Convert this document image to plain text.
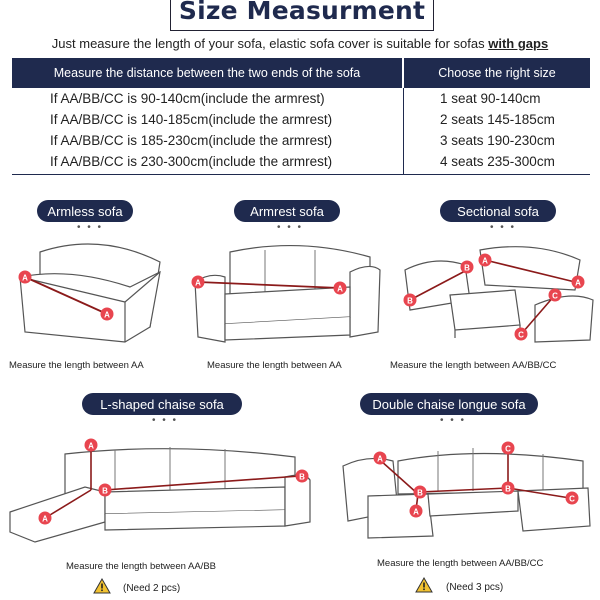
Size Measurment
Just measure the length of your sofa, elastic sofa cover is suitable for sofas with gaps
Measure the distance between the two ends of the sofa	Choose the right size
If AA/BB/CC is 90-140cm(include the armrest)	1 seat 90-140cm
If AA/BB/CC is 140-185cm(include the armrest)	2 seats 145-185cm
If AA/BB/CC is 185-230cm(include the armrest)	3 seats 190-230cm
If AA/BB/CC is 230-300cm(include the armrest)	4 seats 235-300cm
Armless sofa
• • •
Armrest sofa
• • •
Sectional sofa
• • •
A
A
A
A
B
B
A
A
C
C
Measure the length between AA	Measure the length between AA	Measure the length between AA/BB/CC
L-shaped chaise sofa
• • •
Double chaise longue sofa
• • •
A
A
B
B
A
B
A
C
B
C
Measure the length between AA/BB	Measure the length between AA/BB/CC
(Need 2 pcs)	(Need 3 pcs)
